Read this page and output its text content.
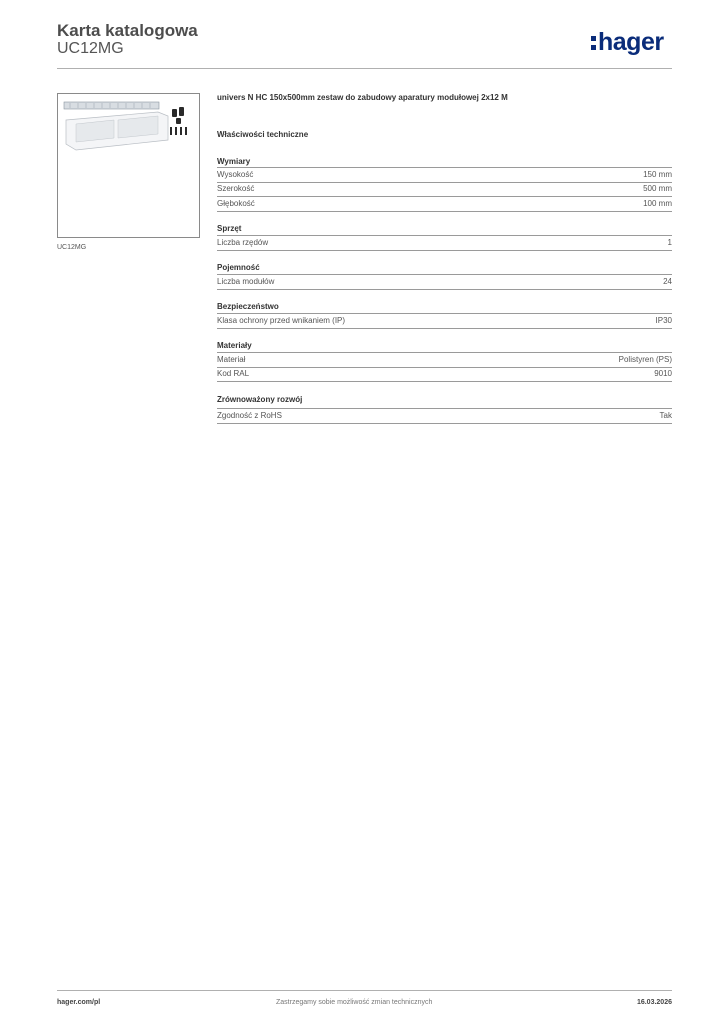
Karta katalogowa
UC12MG	hager
UC12MG
univers N HC 150x500mm zestaw do zabudowy aparatury modułowej 2x12 M
Właściwości techniczne
Wymiary
Wysokość	150 mm
Szerokość	500 mm
Głębokość	100 mm
Sprzęt
Liczba rzędów	1
Pojemność
Liczba modułów	24
Bezpieczeństwo
Klasa ochrony przed wnikaniem (IP)	IP30
Materiały
Materiał	Polistyren (PS)
Kod RAL	9010
Zrównoważony rozwój
Zgodność z RoHS	Tak
hager.com/pl	Zastrzegamy sobie możliwość zmian technicznych	16.03.2026
